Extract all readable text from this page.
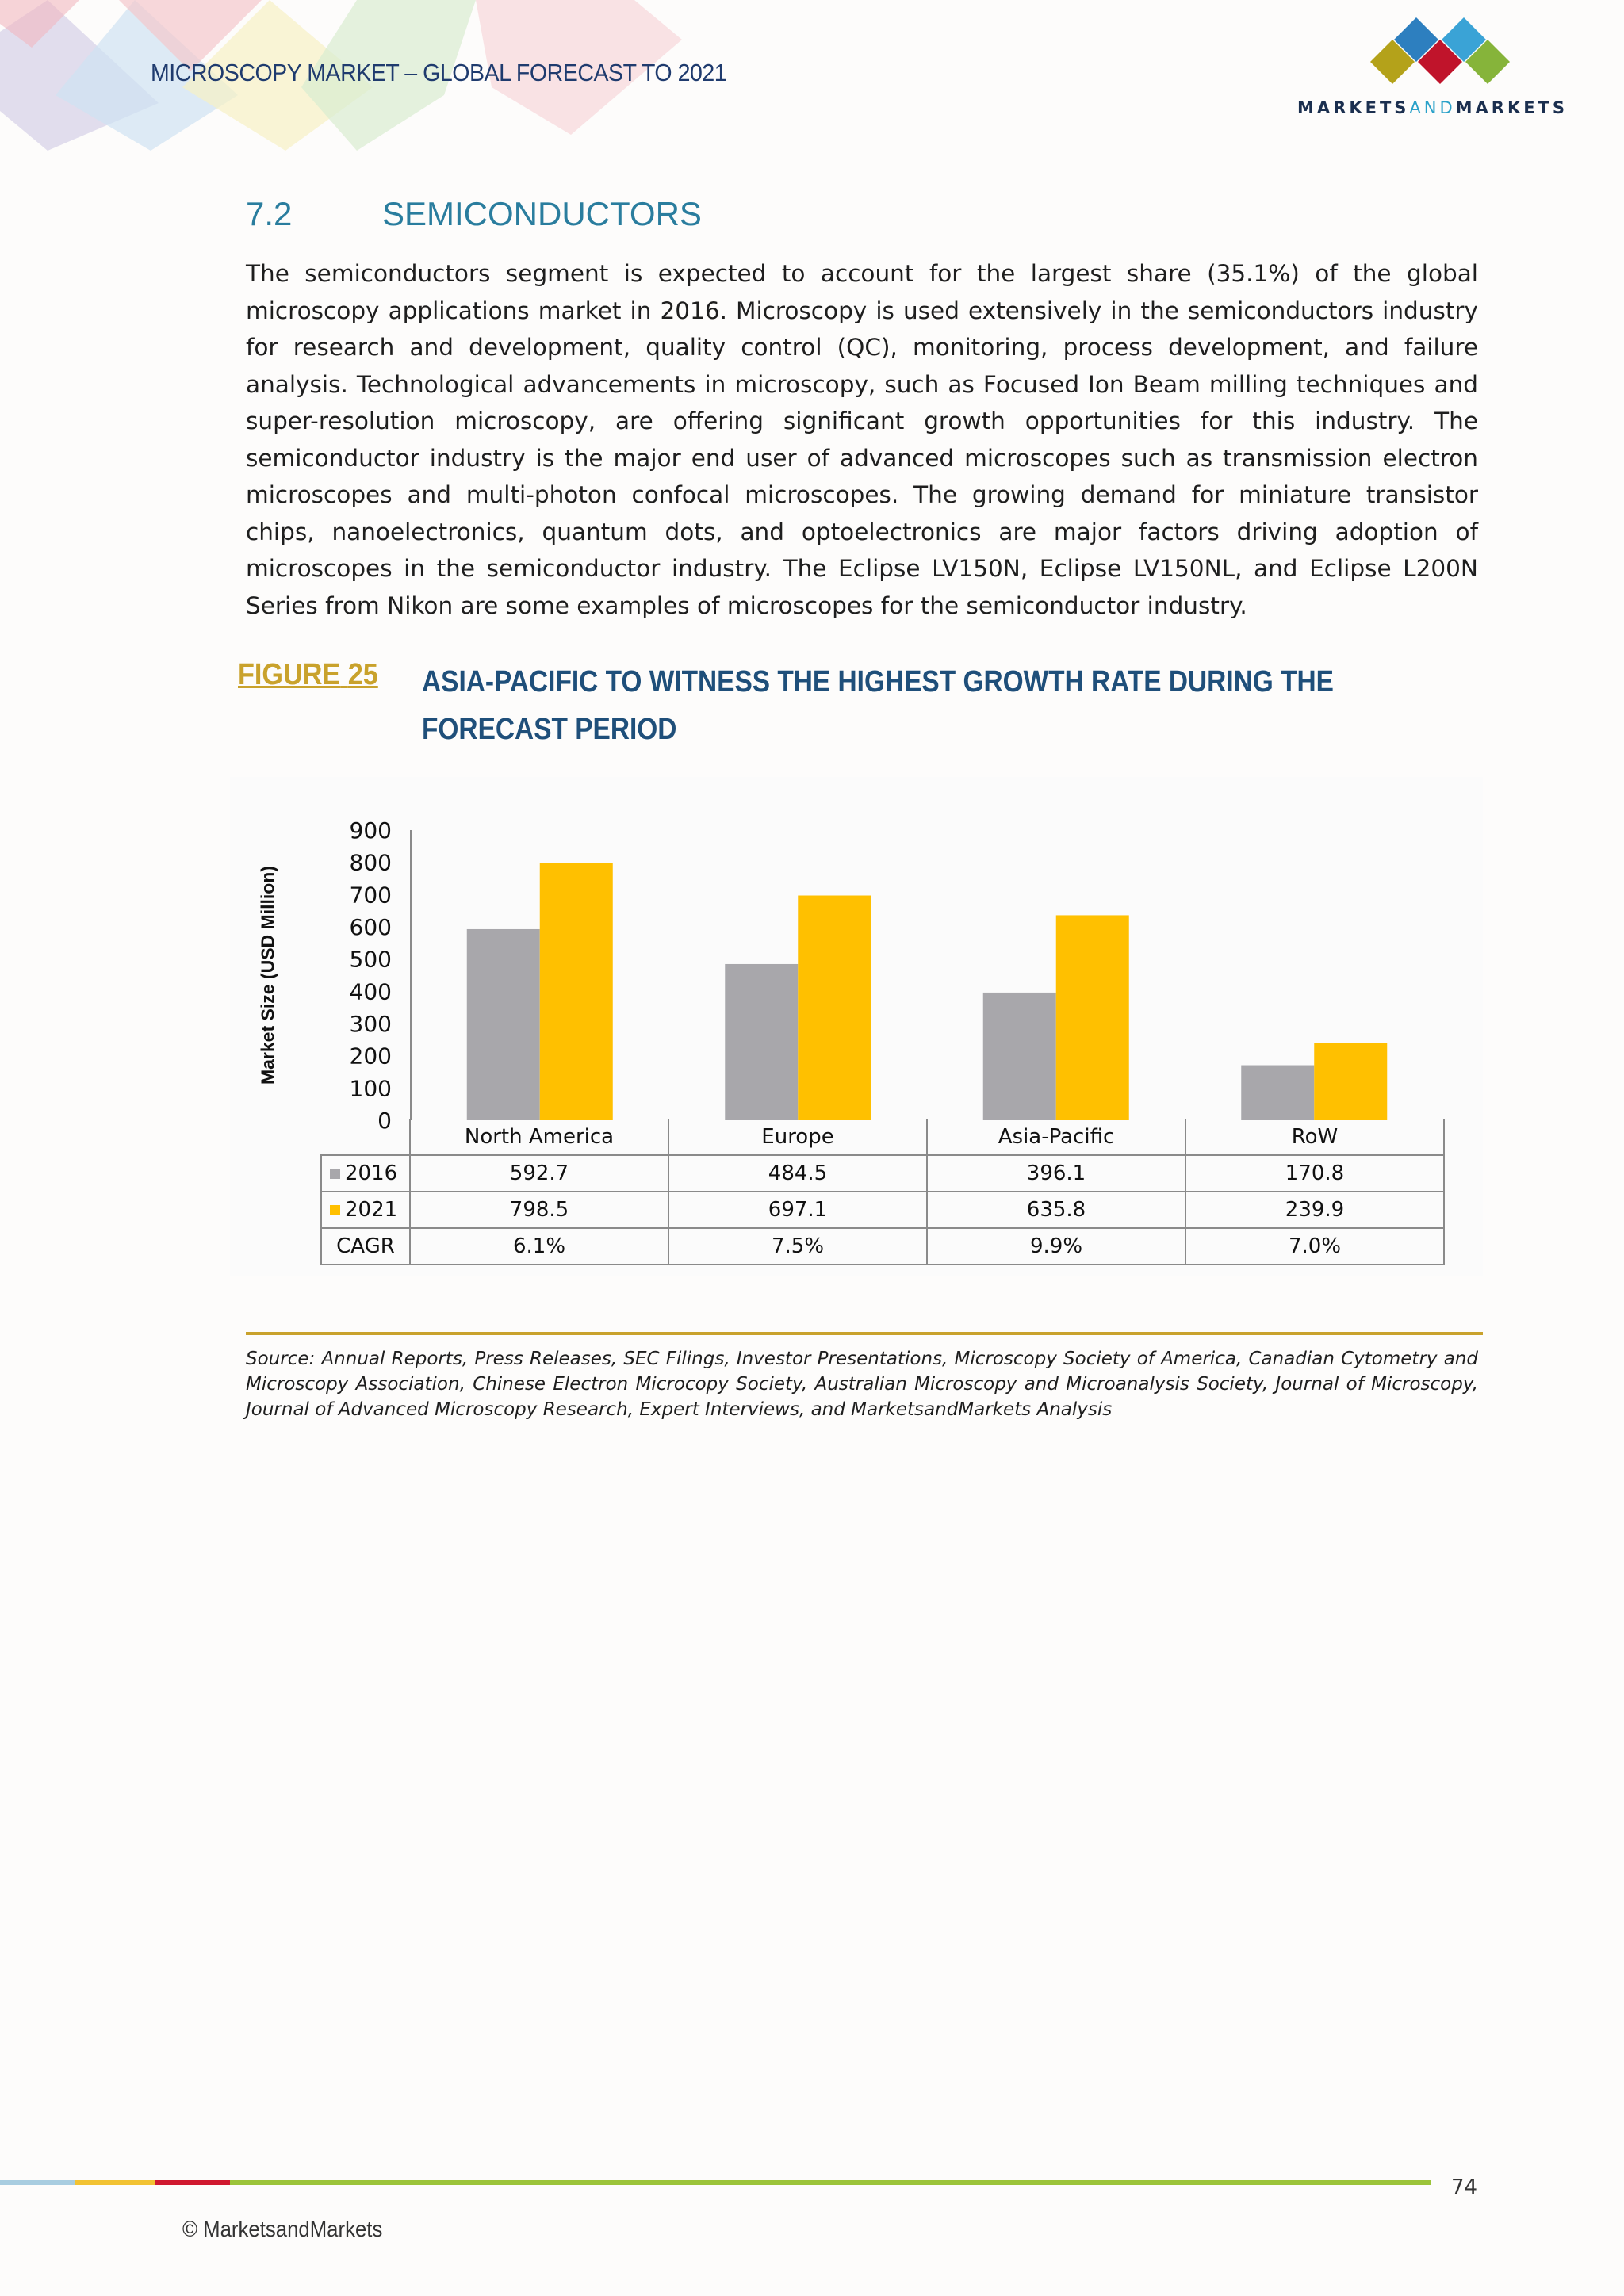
MICROSCOPY MARKET – GLOBAL FORECAST TO 2021
MARKETSANDMARKETS
7.2	SEMICONDUCTORS
The semiconductors segment is expected to account for the largest share (35.1%) of the global microscopy applications market in 2016. Microscopy is used extensively in the semiconductors industry for research and development, quality control (QC), monitoring, process development, and failure analysis. Technological advancements in microscopy, such as Focused Ion Beam milling techniques and super-resolution microscopy, are offering significant growth opportunities for this industry. The semiconductor industry is the major end user of advanced microscopes such as transmission electron microscopes and multi-photon confocal microscopes. The growing demand for miniature transistor chips, nanoelectronics, quantum dots, and optoelectronics are major factors driving adoption of microscopes in the semiconductor industry. The Eclipse LV150N, Eclipse LV150NL, and Eclipse L200N Series from Nikon are some examples of microscopes for the semiconductor industry.
FIGURE 25 ASIA-PACIFIC TO WITNESS THE HIGHEST GROWTH RATE DURING THE FORECAST PERIOD
Market Size (USD Million)
0
100
200
300
400
500
600
700
800
900
	North America	Europe	Asia-Pacific	RoW
2016	592.7	484.5	396.1	170.8
2021	798.5	697.1	635.8	239.9
CAGR	6.1%	7.5%	9.9%	7.0%
Source: Annual Reports, Press Releases, SEC Filings, Investor Presentations, Microscopy Society of America, Canadian Cytometry and Microscopy Association, Chinese Electron Microcopy Society, Australian Microscopy and Microanalysis Society, Journal of Microscopy, Journal of Advanced Microscopy Research, Expert Interviews, and MarketsandMarkets Analysis
74
© MarketsandMarkets
